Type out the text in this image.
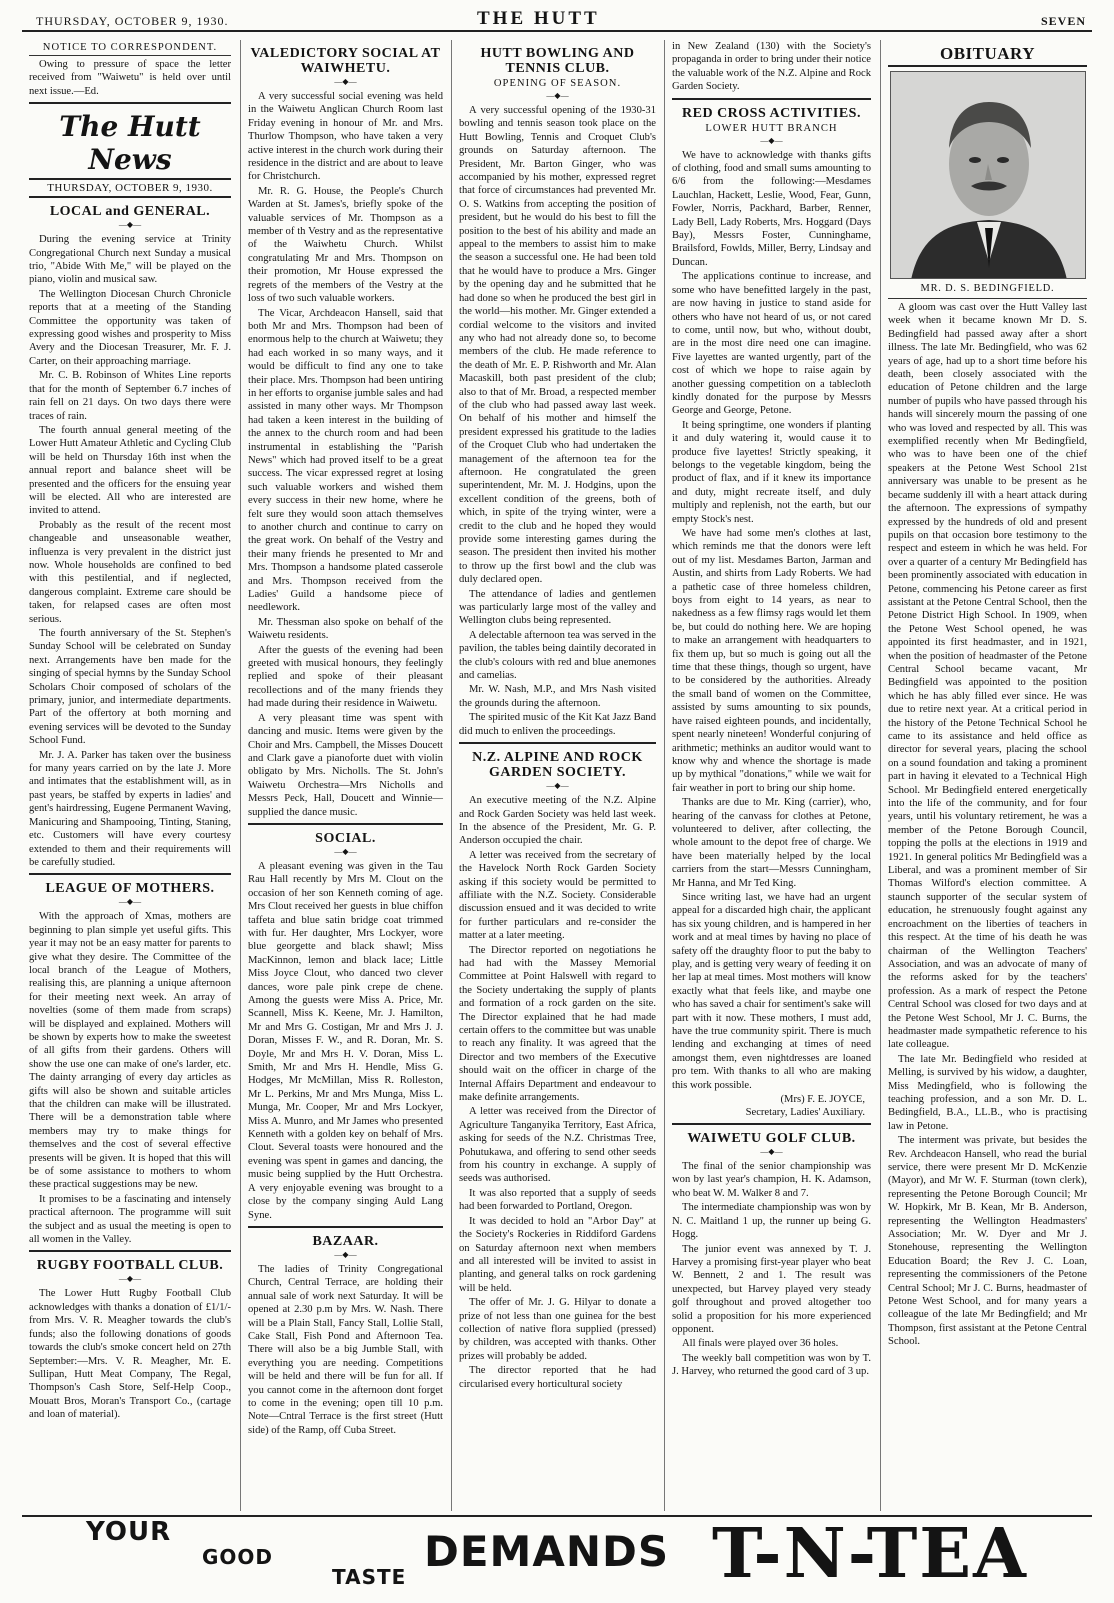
THURSDAY, OCTOBER 9, 1930.	THE HUTT	SEVEN
NOTICE TO CORRESPONDENT.

Owing to pressure of space the letter received from "Waiwetu" is held over until next issue.—Ed.

The Hutt News
THURSDAY, OCTOBER 9, 1930.
LOCAL and GENERAL.
—◆—

During the evening service at Trinity Congregational Church next Sunday a musical trio, "Abide With Me," will be played on the piano, violin and musical saw.

The Wellington Diocesan Church Chronicle reports that at a meeting of the Standing Committee the opportunity was taken of expressing good wishes and prosperity to Miss Avery and the Diocesan Treasurer, Mr. F. J. Carter, on their approaching marriage.

Mr. C. B. Robinson of Whites Line reports that for the month of September 6.7 inches of rain fell on 21 days. On two days there were traces of rain.

The fourth annual general meeting of the Lower Hutt Amateur Athletic and Cycling Club will be held on Thursday 16th inst when the annual report and balance sheet will be presented and the officers for the ensuing year will be elected. All who are interested are invited to attend.

Probably as the result of the recent most changeable and unseasonable weather, influenza is very prevalent in the district just now. Whole households are confined to bed with this pestilential, and if neglected, dangerous complaint. Extreme care should be taken, for relapsed cases are often most serious.

The fourth anniversary of the St. Stephen's Sunday School will be celebrated on Sunday next. Arrangements have ben made for the singing of special hymns by the Sunday School Scholars Choir composed of scholars of the primary, junior, and intermediate departments. Part of the offertory at both morning and evening services will be devoted to the Sunday School Fund.

Mr. J. A. Parker has taken over the business for many years carried on by the late J. More and intimates that the establishment will, as in past years, be staffed by experts in ladies' and gent's hairdressing, Eugene Permanent Waving, Manicuring and Shampooing, Tinting, Staning, etc. Customers will have every courtesy extended to them and their requirements will be carefully studied.

LEAGUE OF MOTHERS.
—◆—

With the approach of Xmas, mothers are beginning to plan simple yet useful gifts. This year it may not be an easy matter for parents to give what they desire. The Committee of the local branch of the League of Mothers, realising this, are planning a unique afternoon for their meeting next week. An array of novelties (some of them made from scraps) will be displayed and explained. Mothers will be shown by experts how to make the sweetest of all gifts from their gardens. Others will show the use one can make of one's larder, etc. The dainty arranging of every day articles as gifts will also be shown and suitable articles that the children can make will be illustrated. There will be a demonstration table where members may try to make things for themselves and the cost of several effective presents will be given. It is hoped that this will be of some assistance to mothers to whom these practical suggestions may be new.

It promises to be a fascinating and intensely practical afternoon. The programme will suit the subject and as usual the meeting is open to all women in the Valley.

RUGBY FOOTBALL CLUB.
—◆—

The Lower Hutt Rugby Football Club acknowledges with thanks a donation of £1/1/- from Mrs. V. R. Meagher towards the club's funds; also the following donations of goods towards the club's smoke concert held on 27th September:—Mrs. V. R. Meagher, Mr. E. Sullipan, Hutt Meat Company, The Regal, Thompson's Cash Store, Self-Help Coop., Mouatt Bros, Moran's Transport Co., (cartage and loan of material).

VALEDICTORY SOCIAL AT WAIWHETU.
—◆—

A very successful social evening was held in the Waiwetu Anglican Church Room last Friday evening in honour of Mr. and Mrs. Thurlow Thompson, who have taken a very active interest in the church work during their residence in the district and are about to leave for Christchurch.

Mr. R. G. House, the People's Church Warden at St. James's, briefly spoke of the valuable services of Mr. Thompson as a member of th Vestry and as the representative of the Waiwhetu Church. Whilst congratulating Mr and Mrs. Thompson on their promotion, Mr House expressed the regrets of the members of the Vestry at the loss of two such valuable workers.

The Vicar, Archdeacon Hansell, said that both Mr and Mrs. Thompson had been of enormous help to the church at Waiwetu; they had each worked in so many ways, and it would be difficult to find any one to take their place. Mrs. Thompson had been untiring in her efforts to organise jumble sales and had assisted in many other ways. Mr Thompson had taken a keen interest in the building of the annex to the church room and had been instrumental in establishing the "Parish News" which had proved itself to be a great success. The vicar expressed regret at losing such valuable workers and wished them every success in their new home, where he felt sure they would soon attach themselves to another church and continue to carry on the great work. On behalf of the Vestry and their many friends he presented to Mr and Mrs. Thompson a handsome plated casserole and Mrs. Thompson received from the Ladies' Guild a handsome piece of needlework.

Mr. Thessman also spoke on behalf of the Waiwetu residents.

After the guests of the evening had been greeted with musical honours, they feelingly replied and spoke of their pleasant recollections and of the many friends they had made during their residence in Waiwetu.

A very pleasant time was spent with dancing and music. Items were given by the Choir and Mrs. Campbell, the Misses Doucett and Clark gave a pianoforte duet with violin obligato by Mrs. Nicholls. The St. John's Waiwetu Orchestra—Mrs Nicholls and Messrs Peck, Hall, Doucett and Winnie—supplied the dance music.

SOCIAL.
—◆—

A pleasant evening was given in the Tau Rau Hall recently by Mrs M. Clout on the occasion of her son Kenneth coming of age. Mrs Clout received her guests in blue chiffon taffeta and blue satin bridge coat trimmed with fur. Her daughter, Mrs Lockyer, wore blue georgette and black shawl; Miss MacKinnon, lemon and black lace; Little Miss Joyce Clout, who danced two clever dances, wore pale pink crepe de chene. Among the guests were Miss A. Price, Mr. Scannell, Miss K. Keene, Mr. J. Hamilton, Mr and Mrs G. Costigan, Mr and Mrs J. J. Doran, Misses F. W., and R. Doran, Mr. S. Doyle, Mr and Mrs H. V. Doran, Miss L. Smith, Mr and Mrs H. Hendle, Miss G. Hodges, Mr McMillan, Miss R. Rolleston, Mr L. Perkins, Mr and Mrs Munga, Miss L. Munga, Mr. Cooper, Mr and Mrs Lockyer, Miss A. Munro, and Mr James who presented Kenneth with a golden key on behalf of Mrs. Clout. Several toasts were honoured and the evening was spent in games and dancing, the music being supplied by the Hutt Orchestra. A very enjoyable evening was brought to a close by the company singing Auld Lang Syne.

BAZAAR.
—◆—

The ladies of Trinity Congregational Church, Central Terrace, are holding their annual sale of work next Saturday. It will be opened at 2.30 p.m by Mrs. W. Nash. There will be a Plain Stall, Fancy Stall, Lollie Stall, Cake Stall, Fish Pond and Afternoon Tea. There will also be a big Jumble Stall, with everything you are needing. Competitions will be held and there will be fun for all. If you cannot come in the afternoon dont forget to come in the evening; open till 10 p.m. Note—Cntral Terrace is the first street (Hutt side) of the Ramp, off Cuba Street.

HUTT BOWLING AND TENNIS CLUB.
OPENING OF SEASON.
—◆—

A very successful opening of the 1930-31 bowling and tennis season took place on the Hutt Bowling, Tennis and Croquet Club's grounds on Saturday afternoon. The President, Mr. Barton Ginger, who was accompanied by his mother, expressed regret that force of circumstances had prevented Mr. O. S. Watkins from accepting the position of president, but he would do his best to fill the position to the best of his ability and made an appeal to the members to assist him to make the season a successful one. He had been told that he would have to produce a Mrs. Ginger by the opening day and he submitted that he had done so when he produced the best girl in the world—his mother. Mr. Ginger extended a cordial welcome to the visitors and invited any who had not already done so, to become members of the club. He made reference to the death of Mr. E. P. Rishworth and Mr. Alan Macaskill, both past president of the club; also to that of Mr. Broad, a respected member of the club who had passed away last week. On behalf of his mother and himself the president expressed his gratitude to the ladies of the Croquet Club who had undertaken the management of the afternoon tea for the afternoon. He congratulated the green superintendent, Mr. M. J. Hodgins, upon the excellent condition of the greens, both of which, in spite of the trying winter, were a credit to the club and he hoped they would provide some interesting games during the season. The president then invited his mother to throw up the first bowl and the club was duly declared open.

The attendance of ladies and gentlemen was particularly large most of the valley and Wellington clubs being represented.

A delectable afternoon tea was served in the pavilion, the tables being daintily decorated in the club's colours with red and blue anemones and camelias.

Mr. W. Nash, M.P., and Mrs Nash visited the grounds during the afternoon.

The spirited music of the Kit Kat Jazz Band did much to enliven the proceedings.

N.Z. ALPINE AND ROCK GARDEN SOCIETY.
—◆—

An executive meeting of the N.Z. Alpine and Rock Garden Society was held last week. In the absence of the President, Mr. G. P. Anderson occupied the chair.

A letter was received from the secretary of the Havelock North Rock Garden Society asking if this society would be permitted to affiliate with the N.Z. Society. Considerable discussion ensued and it was decided to write for further particulars and re-consider the matter at a later meeting.

The Director reported on negotiations he had had with the Massey Memorial Committee at Point Halswell with regard to the Society undertaking the supply of plants and formation of a rock garden on the site. The Director explained that he had made certain offers to the committee but was unable to reach any finality. It was agreed that the Director and two members of the Executive should wait on the officer in charge of the Internal Affairs Department and endeavour to make definite arrangements.

A letter was received from the Director of Agriculture Tanganyika Territory, East Africa, asking for seeds of the N.Z. Christmas Tree, Pohutukawa, and offering to send other seeds from his country in exchange. A supply of seeds was authorised.

It was also reported that a supply of seeds had been forwarded to Portland, Oregon.

It was decided to hold an "Arbor Day" at the Society's Rockeries in Riddiford Gardens on Saturday afternoon next when members and all interested will be invited to assist in planting, and general talks on rock gardening will be held.

The offer of Mr. J. G. Hilyar to donate a prize of not less than one guinea for the best collection of native flora supplied (pressed) by children, was accepted with thanks. Other prizes will probably be added.

The director reported that he had circularised every horticultural society

in New Zealand (130) with the Society's propaganda in order to bring under their notice the valuable work of the N.Z. Alpine and Rock Garden Society.

RED CROSS ACTIVITIES.
LOWER HUTT BRANCH
—◆—

We have to acknowledge with thanks gifts of clothing, food and small sums amounting to 6/6 from the following:—Mesdames Lauchlan, Hackett, Leslie, Wood, Fear, Gunn, Fowler, Norris, Packhard, Barber, Renner, Lady Bell, Lady Roberts, Mrs. Hoggard (Days Bay), Messrs Foster, Cunninghame, Brailsford, Fowlds, Miller, Berry, Lindsay and Duncan.

The applications continue to increase, and some who have benefitted largely in the past, are now having in justice to stand aside for others who have not heard of us, or not cared to come, until now, but who, without doubt, are in the most dire need one can imagine. Five layettes are wanted urgently, part of the cost of which we hope to raise again by another guessing competition on a tablecloth kindly donated for the purpose by Messrs George and George, Petone.

It being springtime, one wonders if planting it and duly watering it, would cause it to produce five layettes! Strictly speaking, it belongs to the vegetable kingdom, being the product of flax, and if it knew its importance and duty, might recreate itself, and duly multiply and replenish, not the earth, but our empty Stock's nest.

We have had some men's clothes at last, which reminds me that the donors were left out of my list. Mesdames Barton, Jarman and Austin, and shirts from Lady Roberts. We had a pathetic case of three homeless children, boys from eight to 14 years, as near to nakedness as a few flimsy rags would let them be, but could do nothing here. We are hoping to make an arrangement with headquarters to fix them up, but so much is going out all the time that these things, though so urgent, have to be considered by the authorities. Already the small band of women on the Committee, assisted by sums amounting to six pounds, have raised eighteen pounds, and incidentally, spent nearly nineteen! Wonderful conjuring of arithmetic; methinks an auditor would want to know why and whence the shortage is made up by mythical "donations," while we wait for fair weather in port to bring our ship home.

Thanks are due to Mr. King (carrier), who, hearing of the canvass for clothes at Petone, volunteered to deliver, after collecting, the whole amount to the depot free of charge. We have been materially helped by the local carriers from the start—Messrs Cunningham, Mr Hanna, and Mr Ted King.

Since writing last, we have had an urgent appeal for a discarded high chair, the applicant has six young children, and is hampered in her work and at meal times by having no place of safety off the draughty floor to put the baby to play, and is getting very weary of feeding it on her lap at meal times. Most mothers will know exactly what that feels like, and maybe one who has saved a chair for sentiment's sake will part with it now. These mothers, I must add, have the true community spirit. There is much lending and exchanging at times of need amongst them, even nightdresses are loaned pro tem. With thanks to all who are making this work possible.

(Mrs) F. E. JOYCE,
Secretary, Ladies' Auxiliary.
WAIWETU GOLF CLUB.
—◆—

The final of the senior championship was won by last year's champion, H. K. Adamson, who beat W. M. Walker 8 and 7.

The intermediate championship was won by N. C. Maitland 1 up, the runner up being G. Hogg.

The junior event was annexed by T. J. Harvey a promising first-year player who beat W. Bennett, 2 and 1. The result was unexpected, but Harvey played very steady golf throughout and proved altogether too solid a proposition for his more experienced opponent.

All finals were played over 36 holes.

The weekly ball competition was won by T. J. Harvey, who returned the good card of 3 up.

OBITUARY
MR. D. S. BEDINGFIELD.

A gloom was cast over the Hutt Valley last week when it became known Mr D. S. Bedingfield had passed away after a short illness. The late Mr. Bedingfield, who was 62 years of age, had up to a short time before his death, been closely associated with the education of Petone children and the large number of pupils who have passed through his hands will sincerely mourn the passing of one who was loved and respected by all. This was exemplified recently when Mr Bedingfield, who was to have been one of the chief speakers at the Petone West School 21st anniversary was unable to be present as he became suddenly ill with a heart attack during the afternoon. The expressions of sympathy expressed by the hundreds of old and present pupils on that occasion bore testimony to the respect and esteem in which he was held. For over a quarter of a century Mr Bedingfield has been prominently associated with education in Petone, commencing his Petone career as first assistant at the Petone Central School, then the Petone District High School. In 1909, when the Petone West School opened, he was appointed its first headmaster, and in 1921, when the position of headmaster of the Petone Central School became vacant, Mr Bedingfield was appointed to the position which he has ably filled ever since. He was due to retire next year. At a critical period in the history of the Petone Technical School he came to its assistance and held office as director for several years, placing the school on a sound foundation and taking a prominent part in having it elevated to a Technical High School. Mr Bedingfield entered energetically into the life of the community, and for four years, until his voluntary retirement, he was a member of the Petone Borough Council, topping the polls at the elections in 1919 and 1921. In general politics Mr Bedingfield was a Liberal, and was a prominent member of Sir Thomas Wilford's election committee. A staunch supporter of the secular system of education, he strenuously fought against any encroachment on the liberties of teachers in this respect. At the time of his death he was chairman of the Wellington Teachers' Association, and was an advocate of many of the reforms asked for by the teachers' profession. As a mark of respect the Petone Central School was closed for two days and at the Petone West School, Mr J. C. Burns, the headmaster made sympathetic reference to his late colleague.

The late Mr. Bedingfield who resided at Melling, is survived by his widow, a daughter, Miss Medingfield, who is following the teaching profession, and a son Mr. D. L. Bedingfield, B.A., LL.B., who is practising law in Petone.

The interment was private, but besides the Rev. Archdeacon Hansell, who read the burial service, there were present Mr D. McKenzie (Mayor), and Mr W. F. Sturman (town clerk), representing the Petone Borough Council; Mr W. Hopkirk, Mr B. Kean, Mr B. Anderson, representing the Wellington Headmasters' Association; Mr. W. Dyer and Mr J. Stonehouse, representing the Wellington Education Board; the Rev J. C. Loan, representing the commissioners of the Petone Central School; Mr J. C. Burns, headmaster of Petone West School, and for many years a colleague of the late Mr Bedingfield; and Mr Thompson, first assistant at the Petone Central School.

YOUR
GOOD
TASTE
DEMANDS T-N-TEA
